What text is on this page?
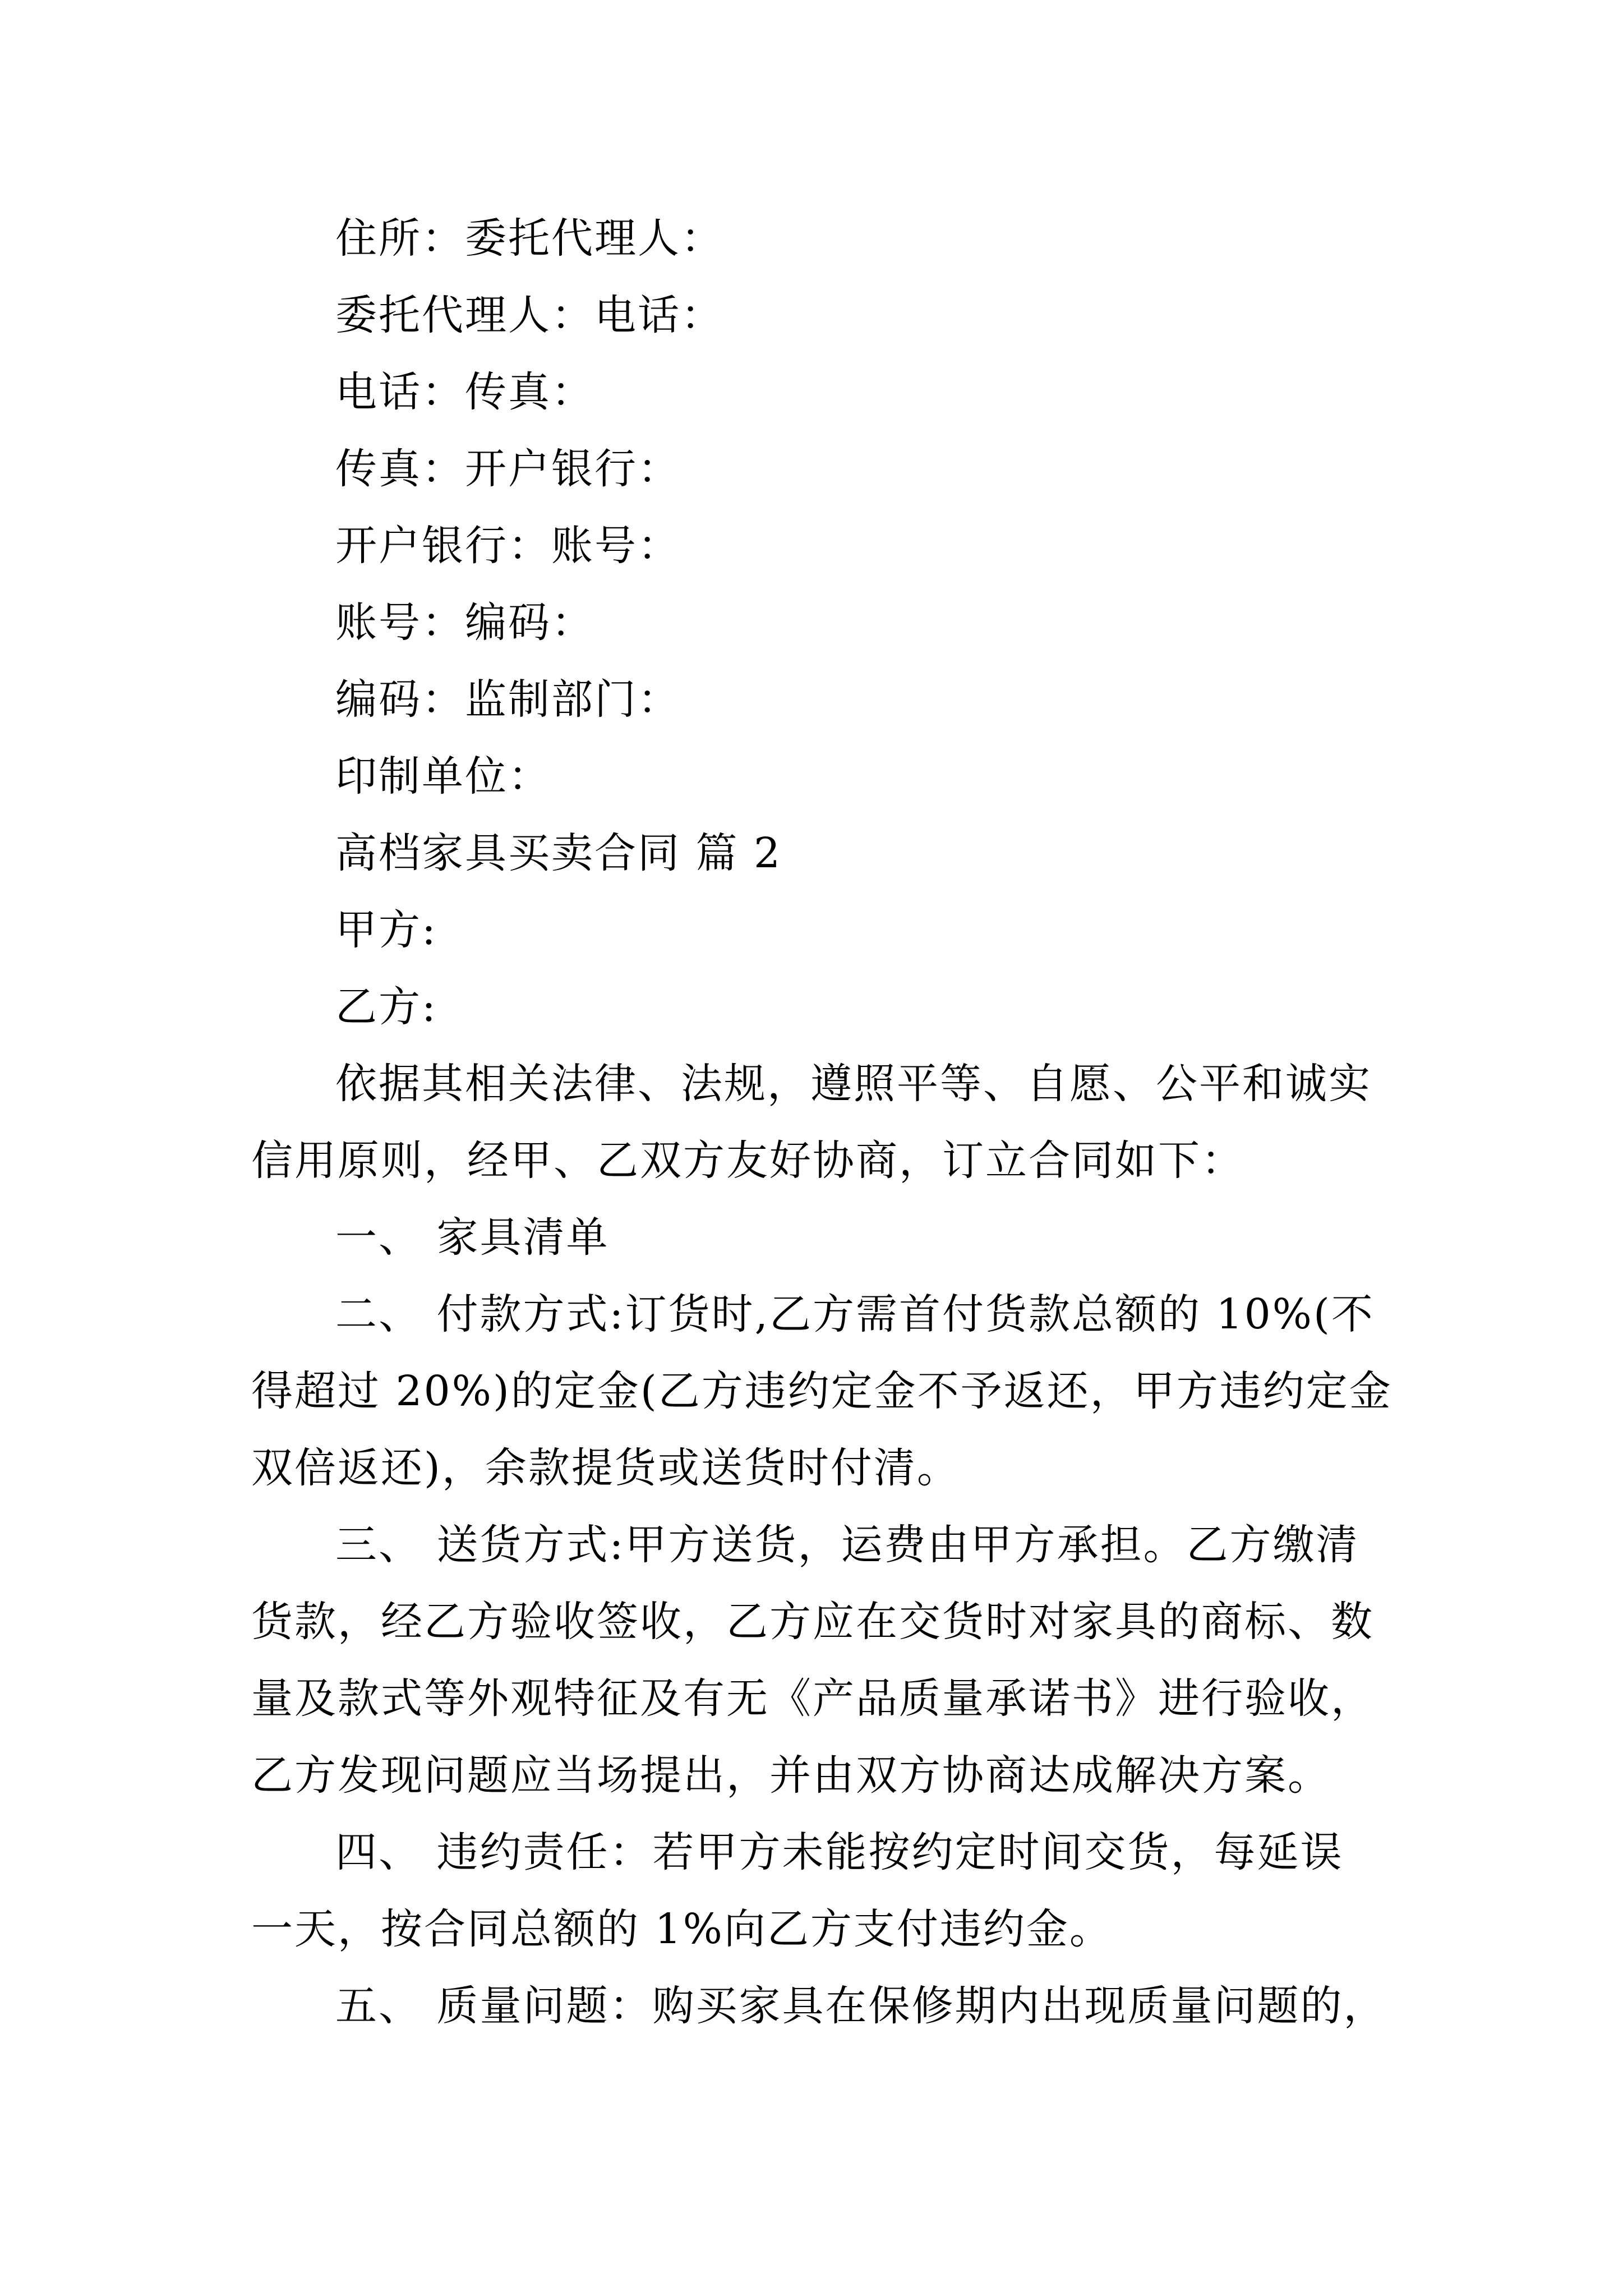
住所：委托代理人：

委托代理人：电话：

电话：传真：

传真：开户银行：

开户银行：账号：

账号：编码：

编码：监制部门：

印制单位：

高档家具买卖合同 篇 2

甲方:

乙方:

依据其相关法律、法规，遵照平等、自愿、公平和诚实

信用原则，经甲、乙双方友好协商，订立合同如下：

一、 家具清单

二、 付款方式:订货时,乙方需首付货款总额的 10%(不

得超过 20%)的定金(乙方违约定金不予返还，甲方违约定金

双倍返还)，余款提货或送货时付清。

三、 送货方式:甲方送货，运费由甲方承担。乙方缴清

货款，经乙方验收签收，乙方应在交货时对家具的商标、数

量及款式等外观特征及有无《产品质量承诺书》进行验收，

乙方发现问题应当场提出，并由双方协商达成解决方案。

四、 违约责任：若甲方未能按约定时间交货，每延误

一天，按合同总额的 1%向乙方支付违约金。

五、 质量问题：购买家具在保修期内出现质量问题的，
